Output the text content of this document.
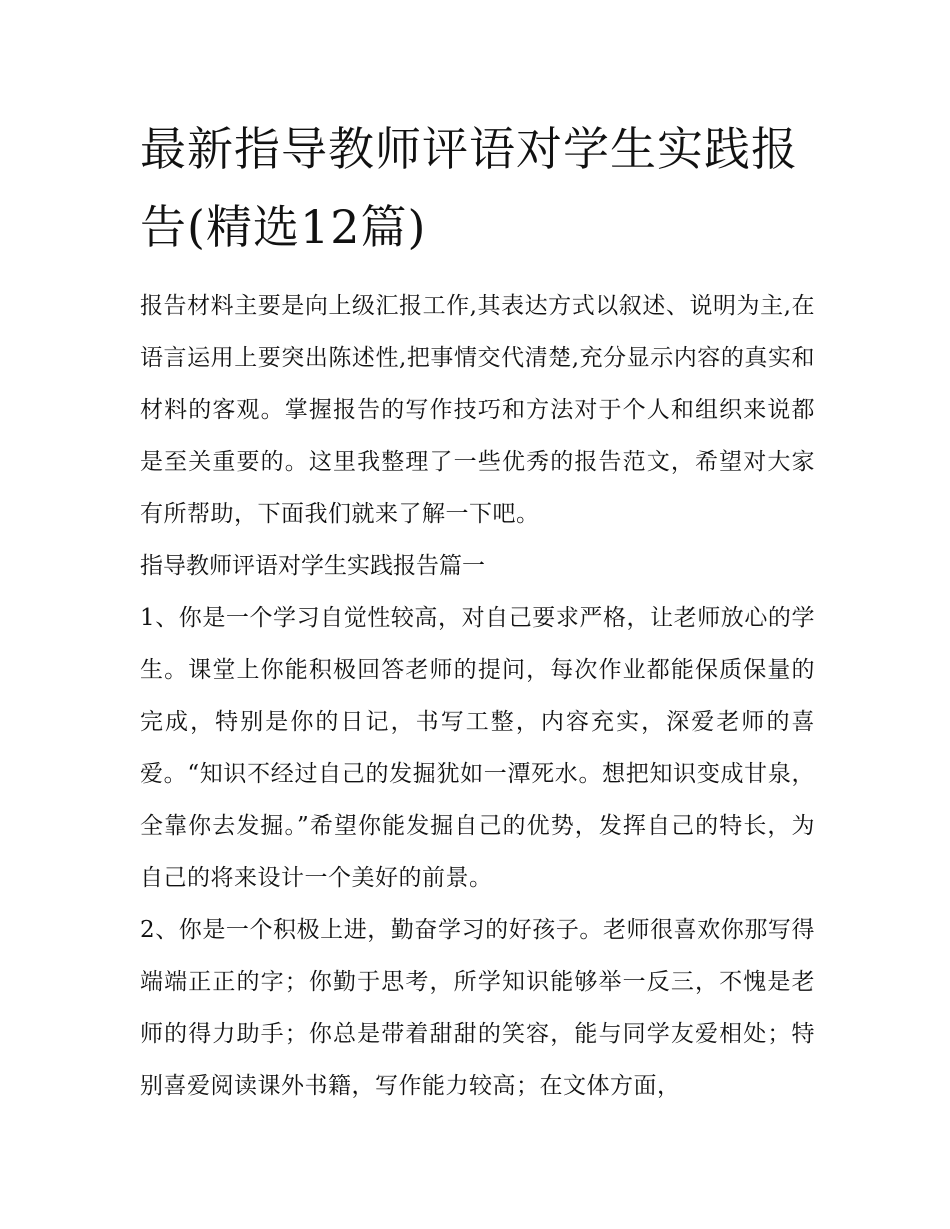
最新指导教师评语对学生实践报告(精选12篇)

报告材料主要是向上级汇报工作,其表达方式以叙述、说明为主,在语言运用上要突出陈述性,把事情交代清楚,充分显示内容的真实和材料的客观。掌握报告的写作技巧和方法对于个人和组织来说都是至关重要的。这里我整理了一些优秀的报告范文，希望对大家有所帮助，下面我们就来了解一下吧。

指导教师评语对学生实践报告篇一

1、你是一个学习自觉性较高，对自己要求严格，让老师放心的学生。课堂上你能积极回答老师的提问，每次作业都能保质保量的完成，特别是你的日记，书写工整，内容充实，深爱老师的喜爱。“知识不经过自己的发掘犹如一潭死水。想把知识变成甘泉，全靠你去发掘。”希望你能发掘自己的优势，发挥自己的特长，为自己的将来设计一个美好的前景。

2、你是一个积极上进，勤奋学习的好孩子。老师很喜欢你那写得端端正正的字；你勤于思考，所学知识能够举一反三，不愧是老师的得力助手；你总是带着甜甜的笑容，能与同学友爱相处；特别喜爱阅读课外书籍，写作能力较高；在文体方面，
